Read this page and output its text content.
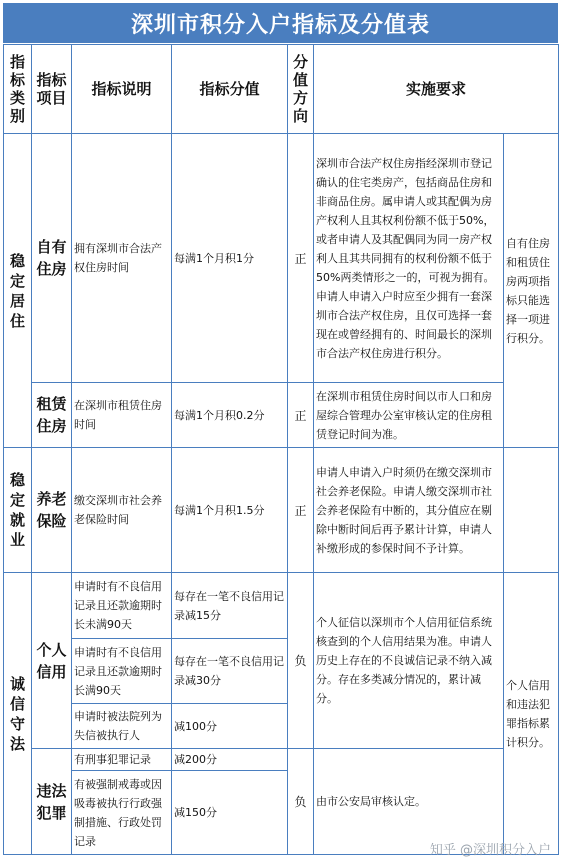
深圳市积分入户指标及分值表
指标类别	指标项目	指标说明	指标分值	分值方向	实施要求	
稳定居住	自有住房	拥有深圳市合法产权住房时间	每满1个月积1分	正	深圳市合法产权住房指经深圳市登记确认的住宅类房产，包括商品住房和非商品住房。属申请人或其配偶为房产权利人且其权利份额不低于50%，或者申请人及其配偶同为同一房产权利人且其共同拥有的权利份额不低于50%两类情形之一的，可视为拥有。申请人申请入户时应至少拥有一套深圳市合法产权住房，且仅可选择一套现在或曾经拥有的、时间最长的深圳市合法产权住房进行积分。	自有住房和租赁住房两项指标只能选择一项进行积分。
	租赁住房	在深圳市租赁住房时间	每满1个月积0.2分	正	在深圳市租赁住房时间以市人口和房屋综合管理办公室审核认定的住房租赁登记时间为准。	
稳定就业	养老保险	缴交深圳市社会养老保险时间	每满1个月积1.5分	正	申请人申请入户时须仍在缴交深圳市社会养老保险。申请人缴交深圳市社会养老保险有中断的，其分值应在剔除中断时间后再予累计计算，申请人补缴形成的参保时间不予计算。	
诚信守法	个人信用	申请时有不良信用记录且还款逾期时长未满90天	每存在一笔不良信用记录减15分	负	个人征信以深圳市个人信用征信系统核查到的个人信用结果为准。申请人历史上存在的不良诚信记录不纳入减分。存在多类减分情况的，累计减分。	个人信用和违法犯罪指标累计积分。
		申请时有不良信用记录且还款逾期时长满90天	每存在一笔不良信用记录减30分			
		申请时被法院列为失信被执行人	减100分			
	违法犯罪	有刑事犯罪记录	减200分	负	由市公安局审核认定。	
		有被强制戒毒或因吸毒被执行行政强制措施、行政处罚记录	减150分			
知乎 @深圳积分入户
